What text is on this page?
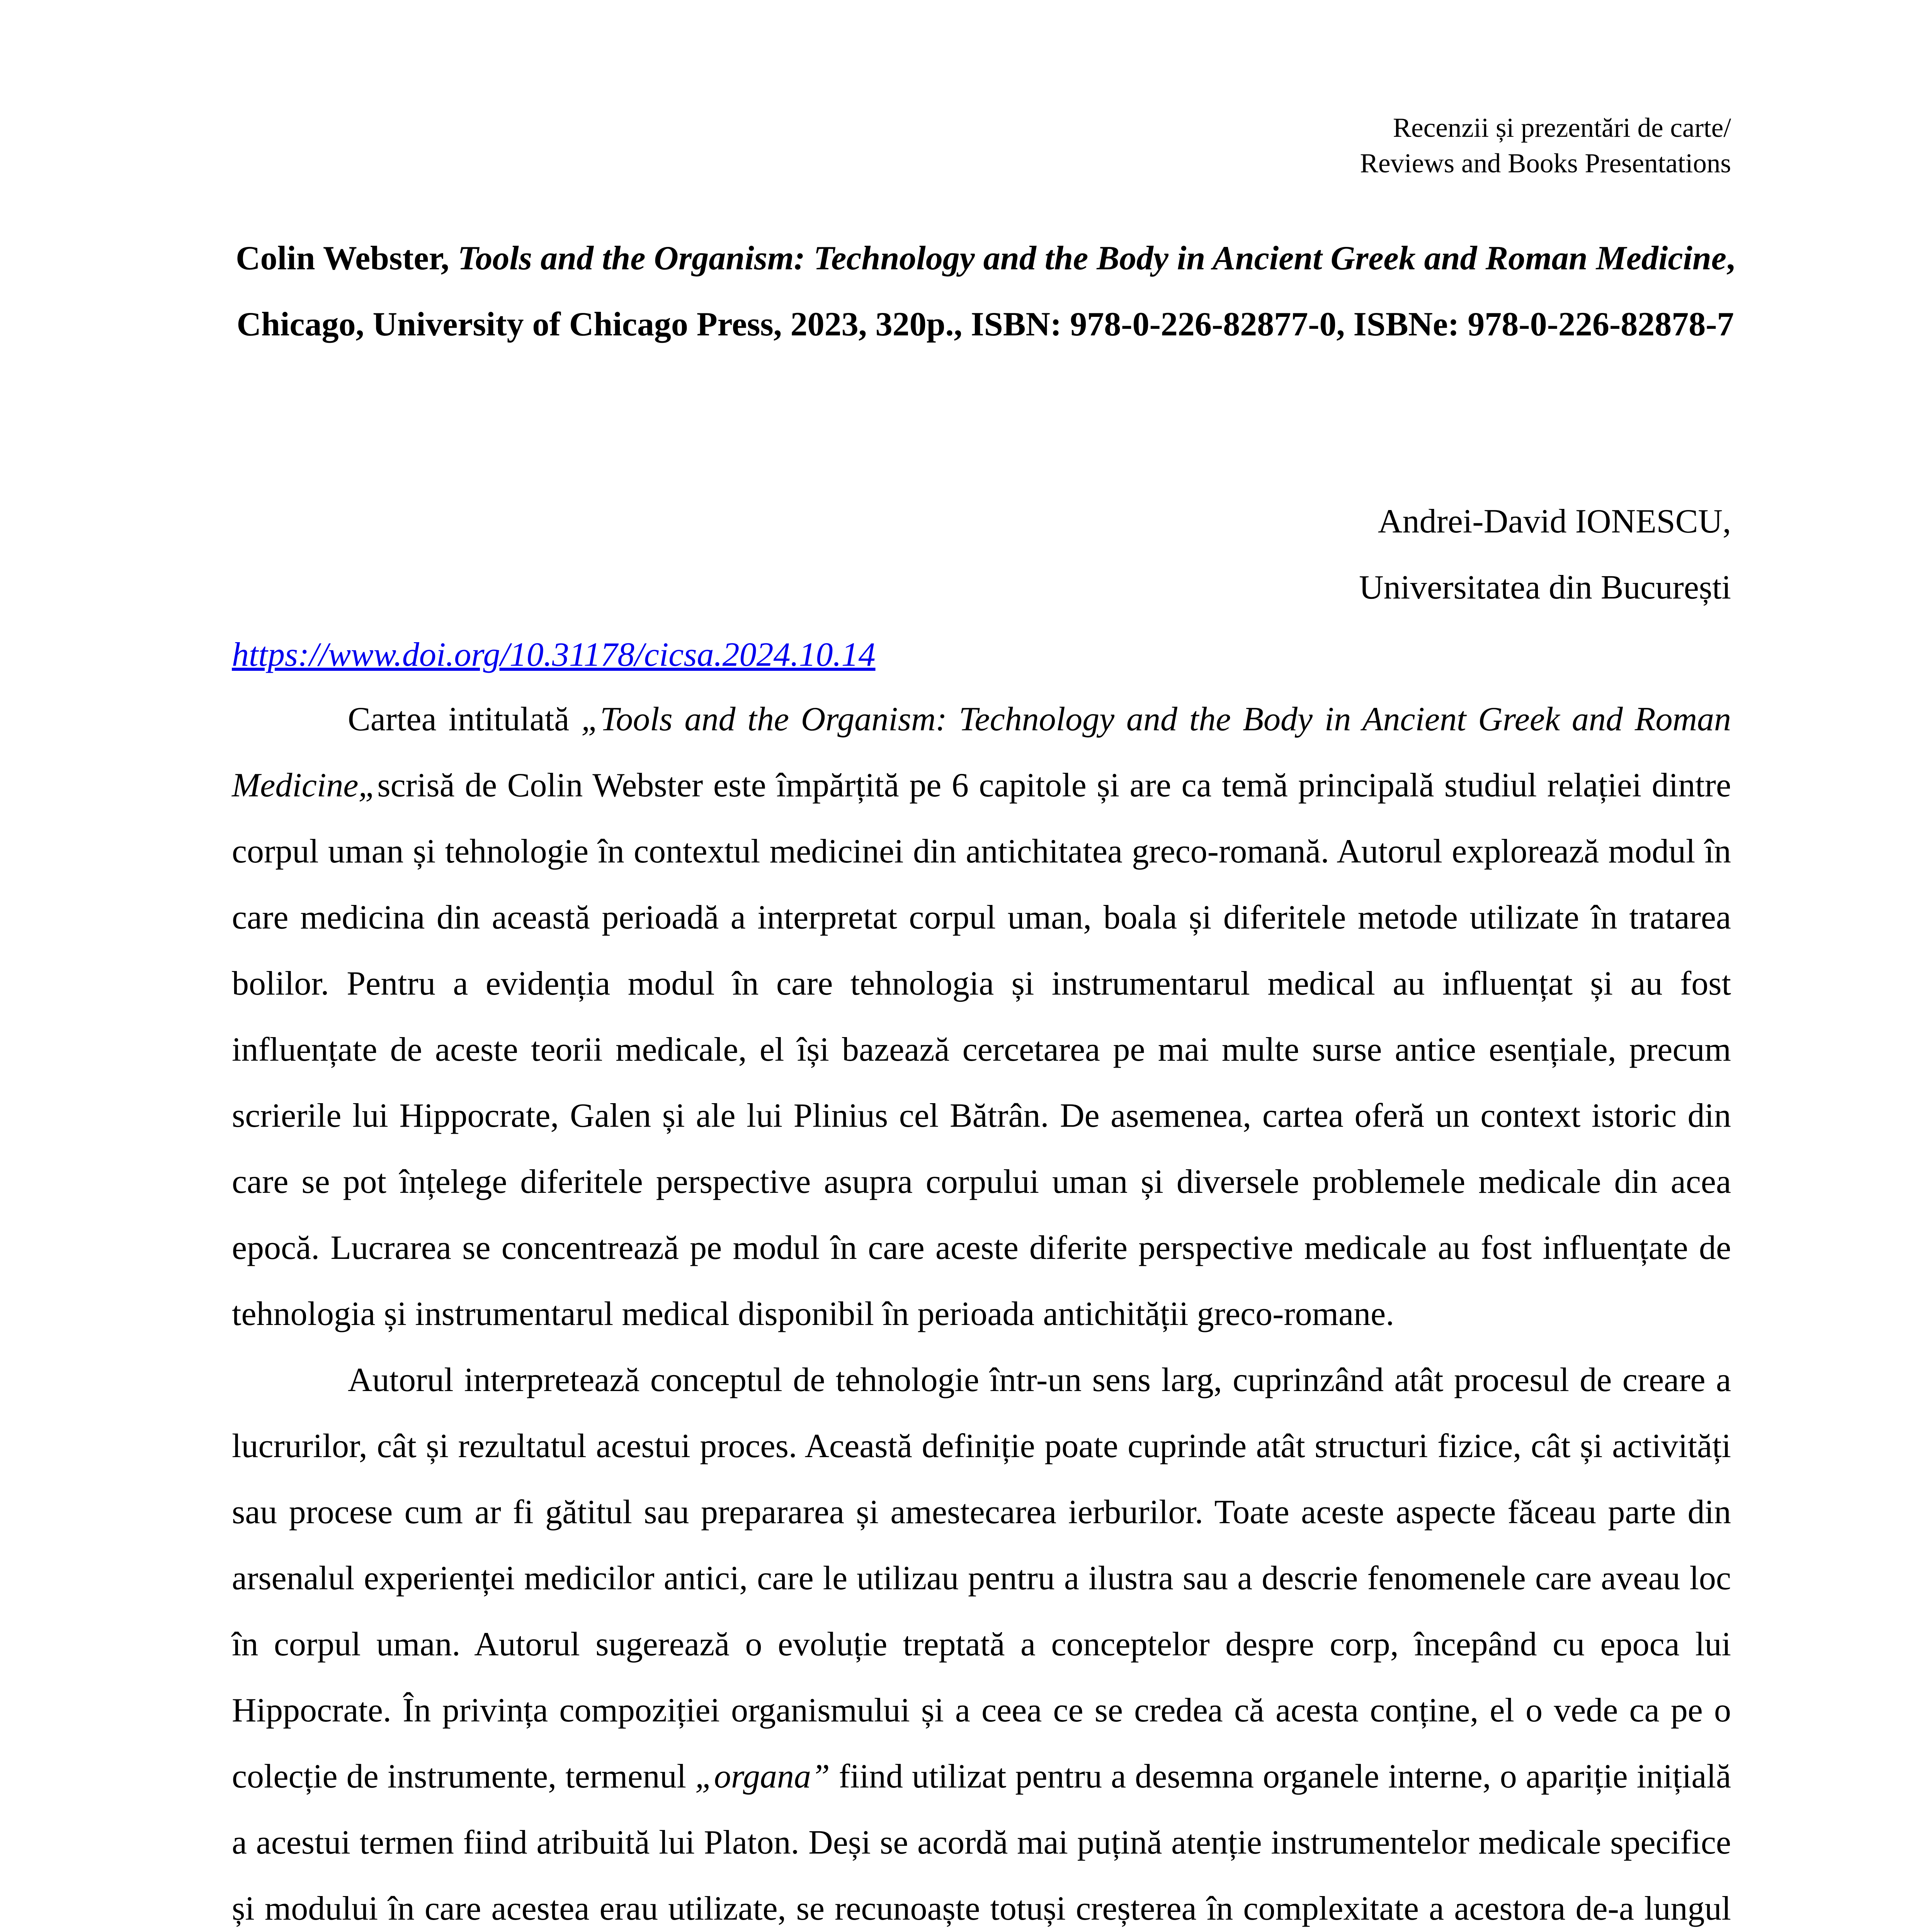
Recenzii și prezentări de carte/
Reviews and Books Presentations
Colin Webster, Tools and the Organism: Technology and the Body in Ancient Greek and Roman Medicine, Chicago, University of Chicago Press, 2023, 320p., ISBN: 978-0-226-82877-0, ISBNe: 978-0-226-82878-7
Andrei-David IONESCU,
Universitatea din București
https://www.doi.org/10.31178/cicsa.2024.10.14

Cartea intitulată „Tools and the Organism: Technology and the Body in Ancient Greek and Roman Medicine„scrisă de Colin Webster este împărțită pe 6 capitole și are ca temă principală studiul relației dintre corpul uman și tehnologie în contextul medicinei din antichitatea greco-romană. Autorul explorează modul în care medicina din această perioadă a interpretat corpul uman, boala și diferitele metode utilizate în tratarea bolilor. Pentru a evidenția modul în care tehnologia și instrumentarul medical au influențat și au fost influențate de aceste teorii medicale, el își bazează cercetarea pe mai multe surse antice esențiale, precum scrierile lui Hippocrate, Galen și ale lui Plinius cel Bătrân. De asemenea, cartea oferă un context istoric din care se pot înțelege diferitele perspective asupra corpului uman și diversele problemele medicale din acea epocă. Lucrarea se concentrează pe modul în care aceste diferite perspective medicale au fost influențate de tehnologia și instrumentarul medical disponibil în perioada antichității greco-romane.

Autorul interpretează conceptul de tehnologie într-un sens larg, cuprinzând atât procesul de creare a lucrurilor, cât și rezultatul acestui proces. Această definiție poate cuprinde atât structuri fizice, cât și activități sau procese cum ar fi gătitul sau prepararea și amestecarea ierburilor. Toate aceste aspecte făceau parte din arsenalul experienței medicilor antici, care le utilizau pentru a ilustra sau a descrie fenomenele care aveau loc în corpul uman. Autorul sugerează o evoluție treptată a conceptelor despre corp, începând cu epoca lui Hippocrate. În privința compoziției organismului și a ceea ce se credea că acesta conține, el o vede ca pe o colecție de instrumente, termenul „organa” fiind utilizat pentru a desemna organele interne, o apariție inițială a acestui termen fiind atribuită lui Platon. Deși se acordă mai puțină atenție instrumentelor medicale specifice și modului în care acestea erau utilizate, se recunoaște totuși creșterea în complexitate a acestora de-a lungul
